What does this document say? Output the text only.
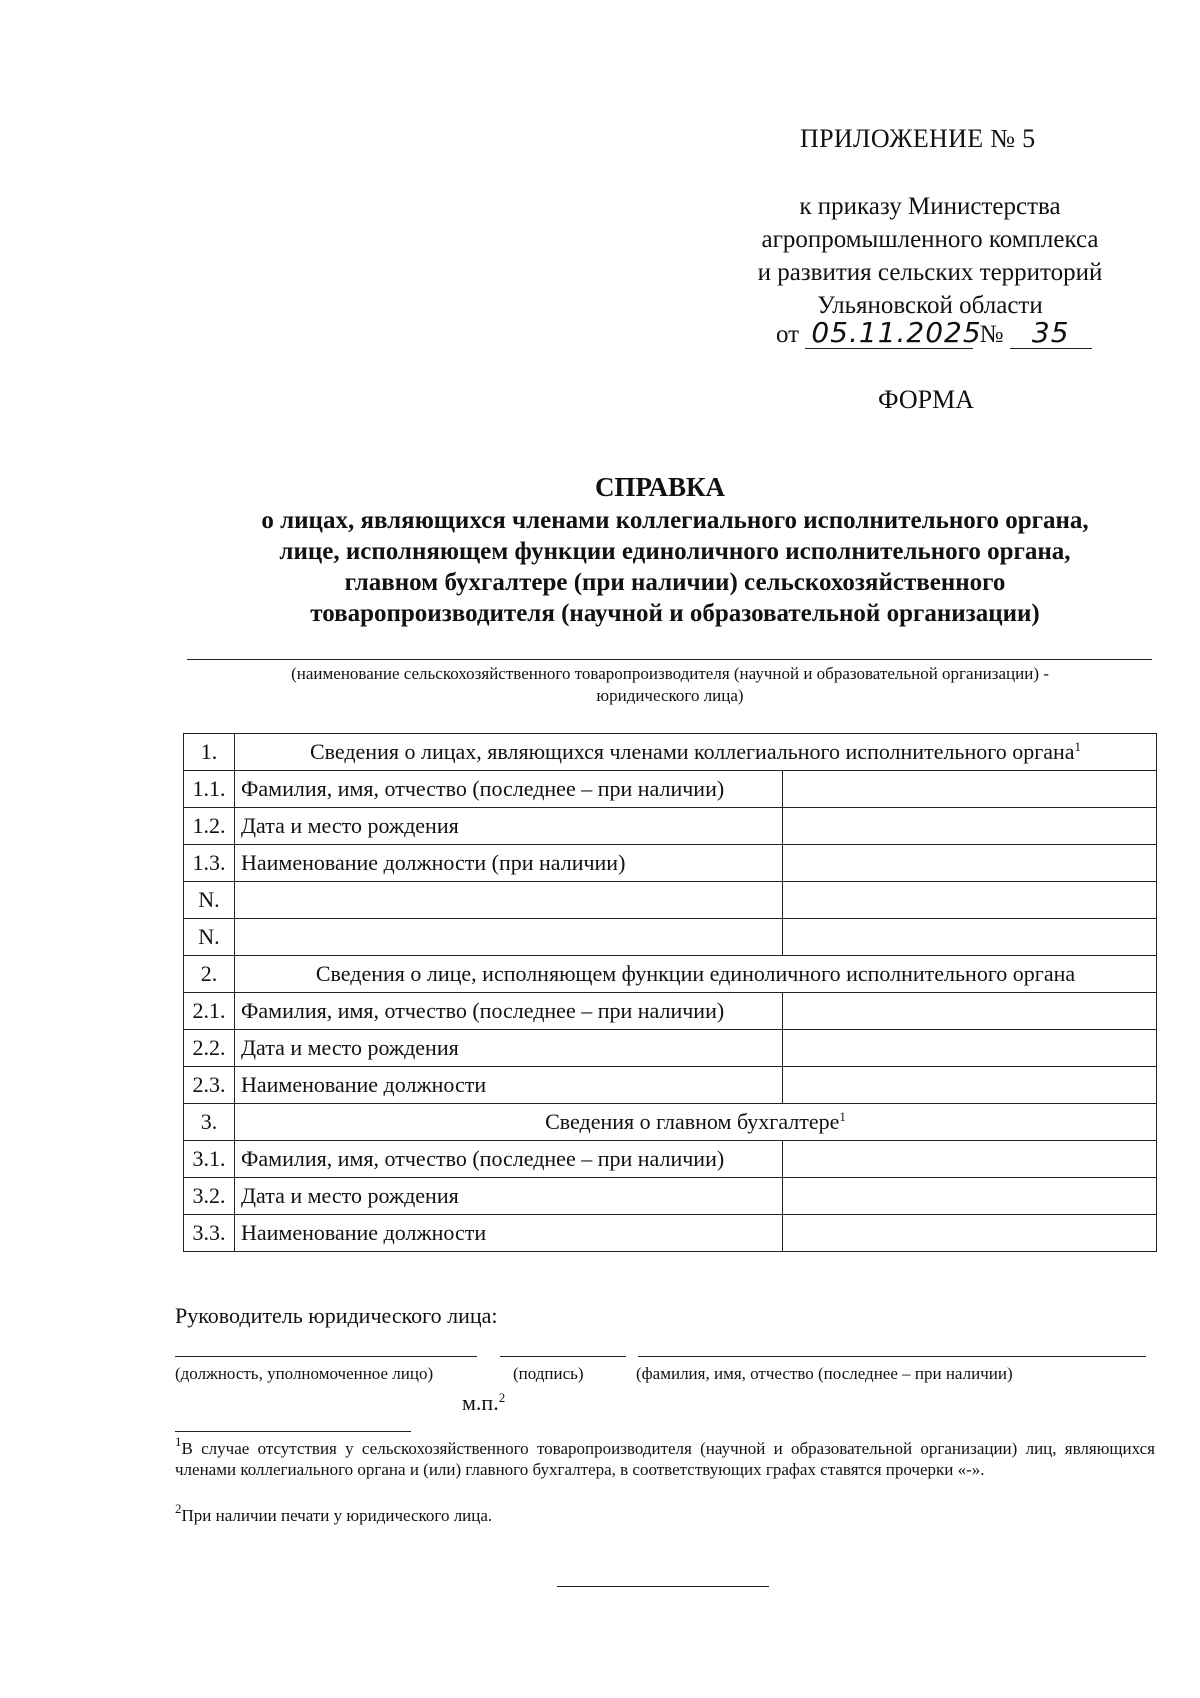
ПРИЛОЖЕНИЕ № 5
к приказу Министерства
агропромышленного комплекса
и развития сельских территорий
Ульяновской области
от 05.11.2025 № 35
ФОРМА
СПРАВКА
о лицах, являющихся членами коллегиального исполнительного органа,
лице, исполняющем функции единоличного исполнительного органа,
главном бухгалтере (при наличии) сельскохозяйственного
товаропроизводителя (научной и образовательной организации)
(наименование сельскохозяйственного товаропроизводителя (научной и образовательной организации) -
юридического лица)
1.	Сведения о лицах, являющихся членами коллегиального исполнительного органа$^1$
1.1.	Фамилия, имя, отчество (последнее – при наличии)	
1.2.	Дата и место рождения	
1.3.	Наименование должности (при наличии)	
N.		
N.		
2.	Сведения о лице, исполняющем функции единоличного исполнительного органа	
2.1.	Фамилия, имя, отчество (последнее – при наличии)	
2.2.	Дата и место рождения	
2.3.	Наименование должности	
3.	Сведения о главном бухгалтере$^1$
3.1.	Фамилия, имя, отчество (последнее – при наличии)	
3.2.	Дата и место рождения	
3.3.	Наименование должности	
Руководитель юридического лица:
(должность, уполномоченное лицо)	(подпись)	(фамилия, имя, отчество (последнее – при наличии)
м.п.$^2$
$^1$В случае отсутствия у сельскохозяйственного товаропроизводителя (научной и образовательной организации) лиц, являющихся членами коллегиального органа и (или) главного бухгалтера, в соответствующих графах ставятся прочерки «-».
$^2$При наличии печати у юридического лица.
